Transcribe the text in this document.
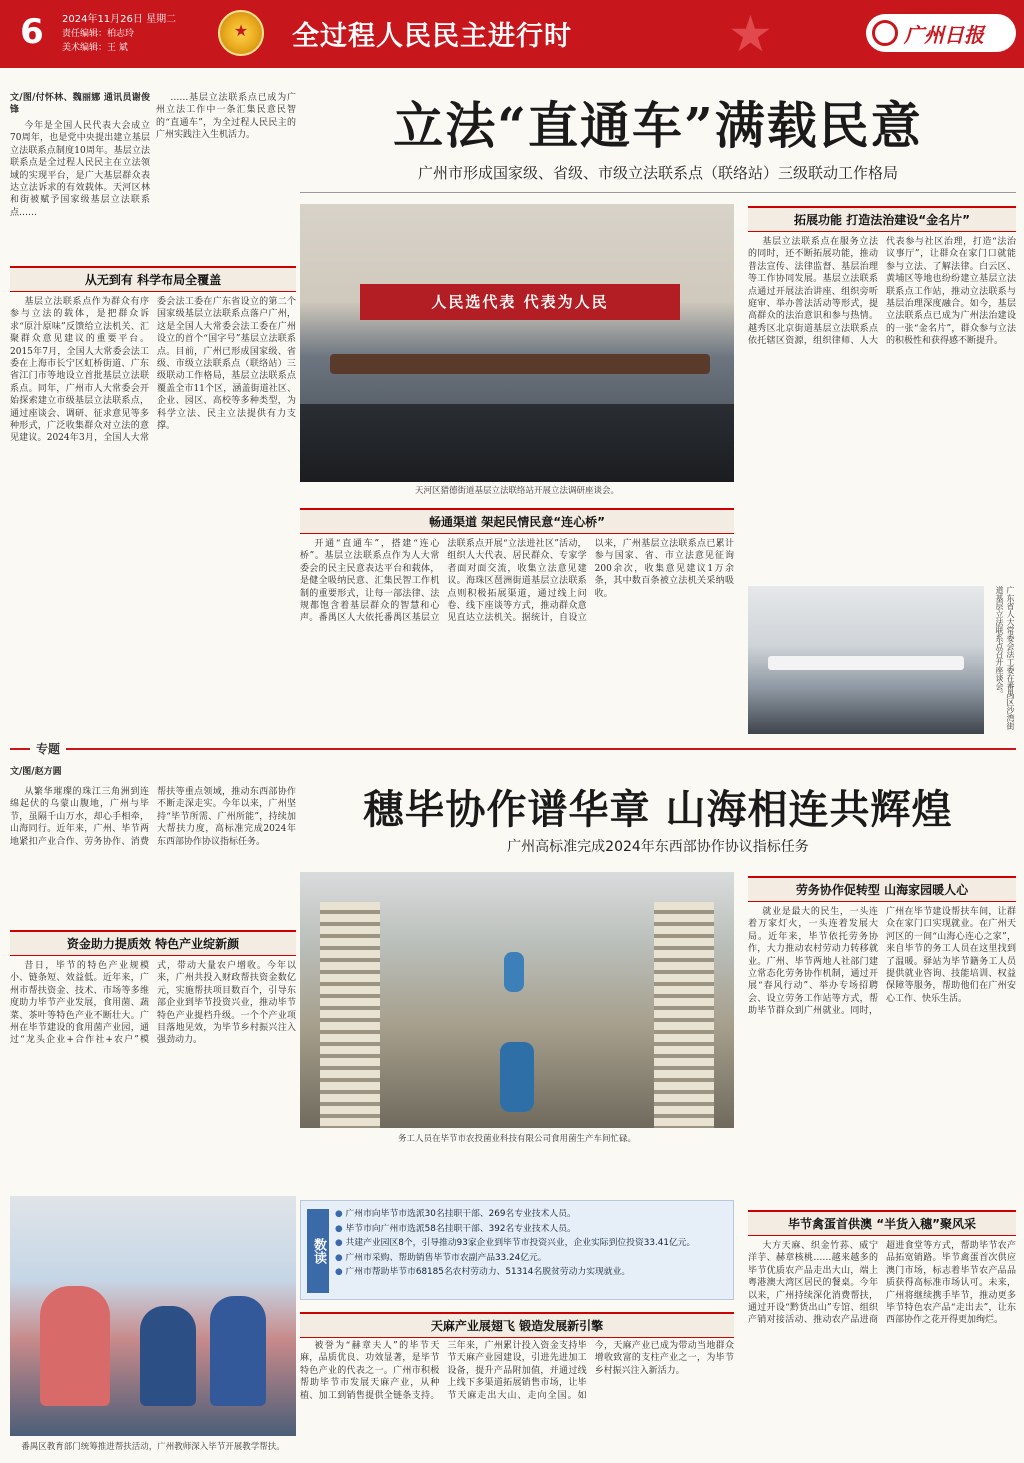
6	2024年11月26日 星期二
责任编辑：柏志玲
美术编辑：王 斌
★ 全过程人民民主进行时	★	广州日报
立法“直通车”满载民意
广州市形成国家级、省级、市级立法联系点（联络站）三级联动工作格局
文/图/付怀林、魏丽娜 通讯员谢俊锋

今年是全国人民代表大会成立70周年，也是党中央提出建立基层立法联系点制度10周年。基层立法联系点是全过程人民民主在立法领域的实现平台，是广大基层群众表达立法诉求的有效载体。天河区林和街被赋予国家级基层立法联系点……

……基层立法联系点已成为广州立法工作中一条汇集民意民智的“直通车”，为全过程人民民主的广州实践注入生机活力。

从无到有 科学布局全覆盖

基层立法联系点作为群众有序参与立法的载体，是把群众诉求“原汁原味”反馈给立法机关、汇聚群众意见建议的重要平台。2015年7月，全国人大常委会法工委在上海市长宁区虹桥街道、广东省江门市等地设立首批基层立法联系点。同年，广州市人大常委会开始探索建立市级基层立法联系点，通过座谈会、调研、征求意见等多种形式，广泛收集群众对立法的意见建议。2024年3月，全国人大常委会法工委在广东省设立的第二个国家级基层立法联系点落户广州，这是全国人大常委会法工委在广州设立的首个“国字号”基层立法联系点。目前，广州已形成国家级、省级、市级立法联系点（联络站）三级联动工作格局，基层立法联系点覆盖全市11个区，涵盖街道社区、企业、园区、高校等多种类型，为科学立法、民主立法提供有力支撑。

人民选代表 代表为人民
天河区猎德街道基层立法联络站开展立法调研座谈会。
畅通渠道 架起民情民意“连心桥”

开通“直通车”，搭建“连心桥”。基层立法联系点作为人大常委会的民主民意表达平台和载体，是健全吸纳民意、汇集民智工作机制的重要形式，让每一部法律、法规都饱含着基层群众的智慧和心声。番禺区人大依托番禺区基层立法联系点开展“立法进社区”活动，组织人大代表、居民群众、专家学者面对面交流，收集立法意见建议。海珠区琶洲街道基层立法联系点则积极拓展渠道，通过线上问卷、线下座谈等方式，推动群众意见直达立法机关。据统计，自设立以来，广州基层立法联系点已累计参与国家、省、市立法意见征询200余次，收集意见建议1万余条，其中数百条被立法机关采纳吸收。

拓展功能 打造法治建设“金名片”

基层立法联系点在服务立法的同时，还不断拓展功能，推动普法宣传、法律监督、基层治理等工作协同发展。基层立法联系点通过开展法治讲座、组织旁听庭审、举办普法活动等形式，提高群众的法治意识和参与热情。越秀区北京街道基层立法联系点依托辖区资源，组织律师、人大代表参与社区治理，打造“法治议事厅”，让群众在家门口就能参与立法、了解法律。白云区、黄埔区等地也纷纷建立基层立法联系点工作站，推动立法联系与基层治理深度融合。如今，基层立法联系点已成为广州法治建设的一张“金名片”，群众参与立法的积极性和获得感不断提升。

广东省人大常委会法工委在番禺区沙湾街道基层立法联系点召开座谈会。
专题
穗毕协作谱华章 山海相连共辉煌
广州高标准完成2024年东西部协作协议指标任务
文/图/赵方圆

从繁华璀璨的珠江三角洲到连绵起伏的乌蒙山腹地，广州与毕节，虽隔千山万水，却心手相牵，山海同行。近年来，广州、毕节两地紧扣产业合作、劳务协作、消费帮扶等重点领域，推动东西部协作不断走深走实。今年以来，广州坚持“毕节所需、广州所能”，持续加大帮扶力度，高标准完成2024年东西部协作协议指标任务。

资金助力提质效 特色产业绽新颜

昔日，毕节的特色产业规模小、链条短、效益低。近年来，广州市帮扶资金、技术、市场等多维度助力毕节产业发展，食用菌、蔬菜、茶叶等特色产业不断壮大。广州在毕节建设的食用菌产业园，通过“龙头企业+合作社+农户”模式，带动大量农户增收。今年以来，广州共投入财政帮扶资金数亿元，实施帮扶项目数百个，引导东部企业到毕节投资兴业，推动毕节特色产业提档升级。一个个产业项目落地见效，为毕节乡村振兴注入强劲动力。

务工人员在毕节市农投菌业科技有限公司食用菌生产车间忙碌。
劳务协作促转型 山海家园暖人心

就业是最大的民生，一头连着万家灯火，一头连着发展大局。近年来，毕节依托劳务协作，大力推动农村劳动力转移就业。广州、毕节两地人社部门建立常态化劳务协作机制，通过开展“春风行动”、举办专场招聘会、设立劳务工作站等方式，帮助毕节群众到广州就业。同时，广州在毕节建设帮扶车间，让群众在家门口实现就业。在广州天河区的一间“山海心连心之家”，来自毕节的务工人员在这里找到了温暖。驿站为毕节籍务工人员提供就业咨询、技能培训、权益保障等服务，帮助他们在广州安心工作、快乐生活。

番禺区教育部门统筹推进帮扶活动，广州教师深入毕节开展教学帮扶。
数读
● 广州市向毕节市选派30名挂职干部、269名专业技术人员。
● 毕节市向广州市选派58名挂职干部、392名专业技术人员。
● 共建产业园区8个，引导推动93家企业到毕节市投资兴业，企业实际到位投资33.41亿元。
● 广州市采购、帮助销售毕节市农副产品33.24亿元。
● 广州市帮助毕节市68185名农村劳动力、51314名脱贫劳动力实现就业。
天麻产业展翅飞 锻造发展新引擎

被誉为“赫章夫人”的毕节天麻，品质优良、功效显著，是毕节特色产业的代表之一。广州市积极帮助毕节市发展天麻产业，从种植、加工到销售提供全链条支持。三年来，广州累计投入资金支持毕节天麻产业园建设，引进先进加工设备，提升产品附加值，并通过线上线下多渠道拓展销售市场，让毕节天麻走出大山、走向全国。如今，天麻产业已成为带动当地群众增收致富的支柱产业之一，为毕节乡村振兴注入新活力。

毕节禽蛋首供澳 “半货入穗”聚风采

大方天麻、织金竹荪、威宁洋芋、赫章核桃……越来越多的毕节优质农产品走出大山，端上粤港澳大湾区居民的餐桌。今年以来，广州持续深化消费帮扶，通过开设“黔货出山”专馆、组织产销对接活动、推动农产品进商超进食堂等方式，帮助毕节农产品拓宽销路。毕节禽蛋首次供应澳门市场，标志着毕节农产品品质获得高标准市场认可。未来，广州将继续携手毕节，推动更多毕节特色农产品“走出去”，让东西部协作之花开得更加绚烂。
